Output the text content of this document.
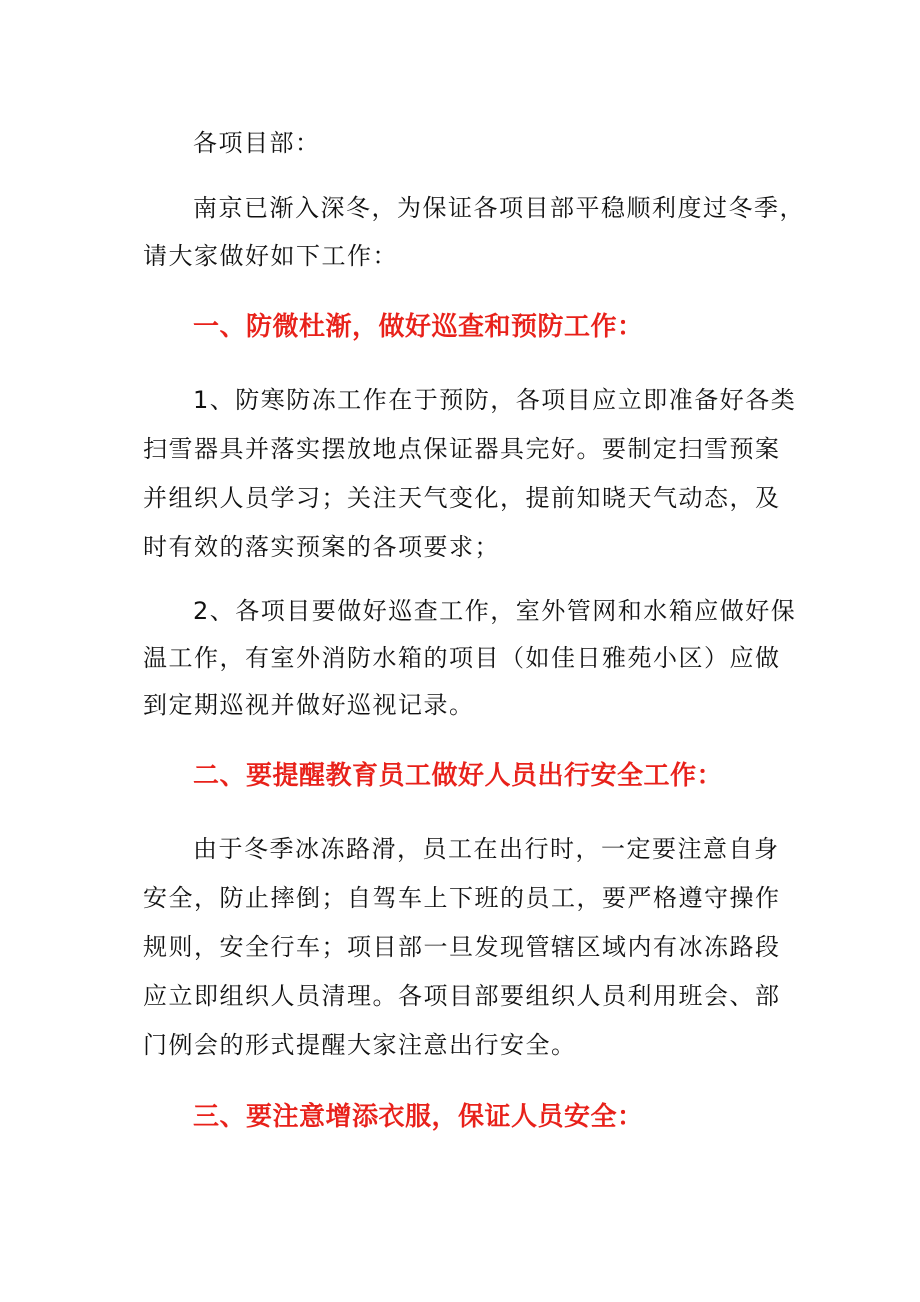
各项目部：
南京已渐入深冬，为保证各项目部平稳顺利度过冬季，
请大家做好如下工作：
一、防微杜渐，做好巡查和预防工作：
1、防寒防冻工作在于预防，各项目应立即准备好各类
扫雪器具并落实摆放地点保证器具完好。要制定扫雪预案
并组织人员学习；关注天气变化，提前知晓天气动态，及
时有效的落实预案的各项要求；
2、各项目要做好巡查工作，室外管网和水箱应做好保
温工作，有室外消防水箱的项目（如佳日雅苑小区）应做
到定期巡视并做好巡视记录。
二、要提醒教育员工做好人员出行安全工作：
由于冬季冰冻路滑，员工在出行时，一定要注意自身
安全，防止摔倒；自驾车上下班的员工，要严格遵守操作
规则，安全行车；项目部一旦发现管辖区域内有冰冻路段
应立即组织人员清理。各项目部要组织人员利用班会、部
门例会的形式提醒大家注意出行安全。
三、要注意增添衣服，保证人员安全：
